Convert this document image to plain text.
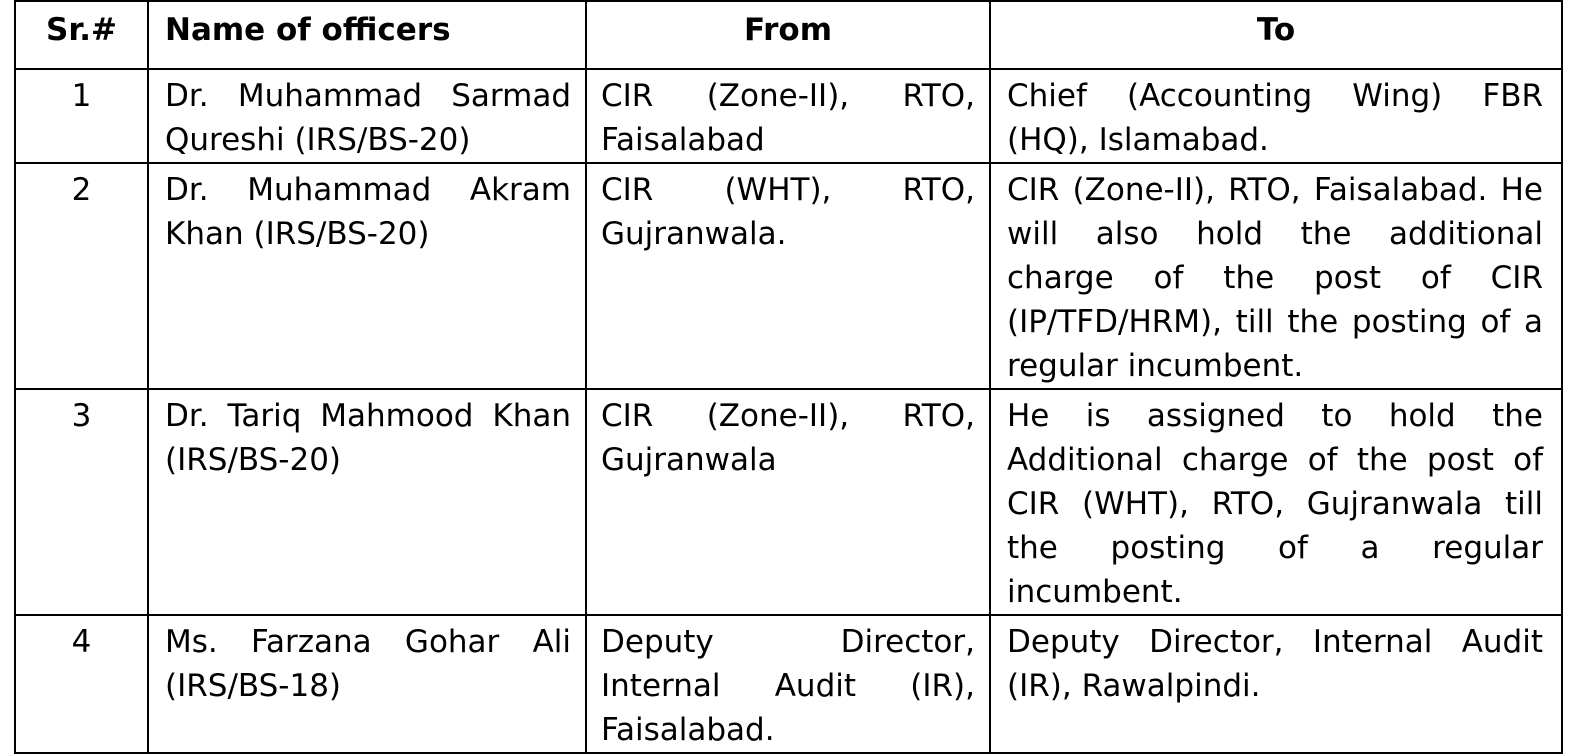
Sr.#	Name of officers	From	To

1	Dr. Muhammad Sarmad Qureshi (IRS/BS-20)	CIR (Zone-II), RTO, Faisalabad	Chief (Accounting Wing) FBR (HQ), Islamabad.

2	Dr. Muhammad Akram Khan (IRS/BS-20)	CIR (WHT), RTO, Gujranwala.	CIR (Zone-II), RTO, Faisalabad. He will also hold the additional charge of the post of CIR (IP/TFD/HRM), till the posting of a regular incumbent.

3	Dr. Tariq Mahmood Khan (IRS/BS-20)	CIR (Zone-II), RTO, Gujranwala	He is assigned to hold the Additional charge of the post of CIR (WHT), RTO, Gujranwala till the posting of a regular incumbent.

4	Ms. Farzana Gohar Ali (IRS/BS-18)	Deputy Director, Internal Audit (IR), Faisalabad.	Deputy Director, Internal Audit (IR), Rawalpindi.
